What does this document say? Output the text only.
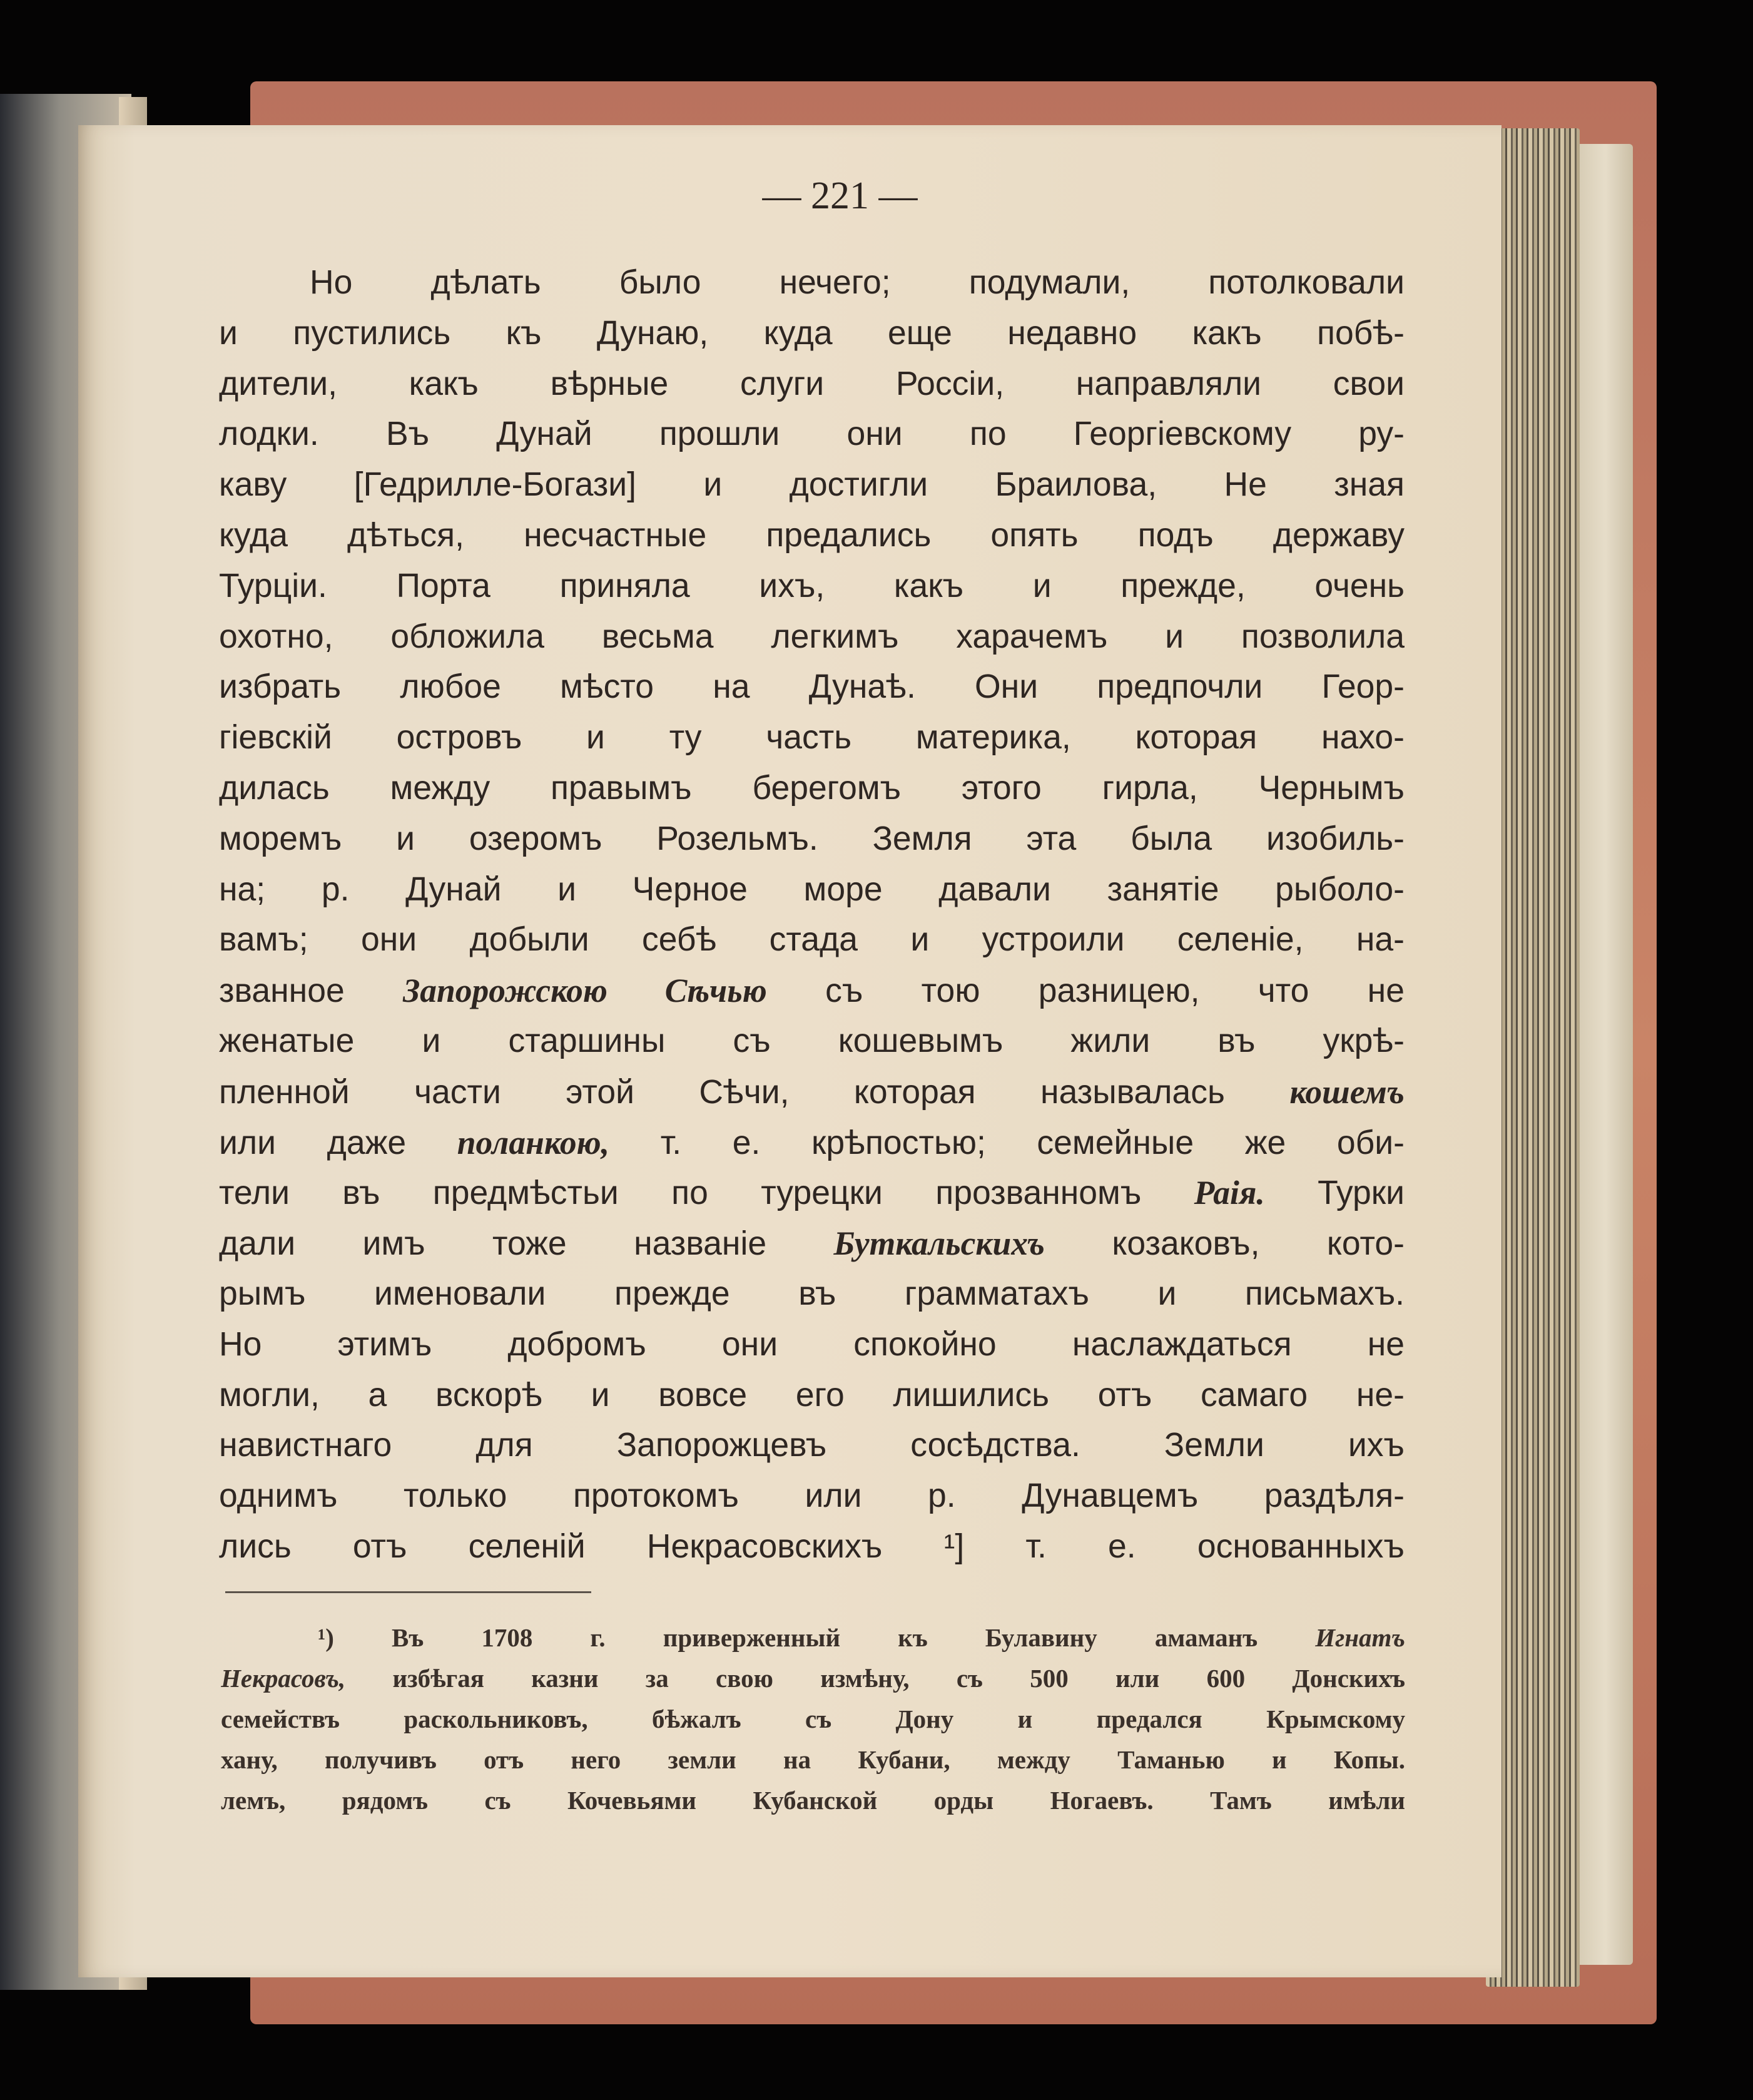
— 221 —
Но дѣлать было нечего; подумали, потолковали
и пустились къ Дунаю, куда еще недавно какъ побѣ-
дители, какъ вѣрные слуги Россіи, направляли свои
лодки. Въ Дунай прошли они по Георгіевскому ру-
каву [Гедрилле-Богази] и достигли Браилова, Не зная
куда дѣться, несчастные предались опять подъ державу
Турціи. Порта приняла ихъ, какъ и прежде, очень
охотно, обложила весьма легкимъ харачемъ и позволила
избрать любое мѣсто на Дунаѣ. Они предпочли Геор-
гіевскій островъ и ту часть материка, которая нахо-
дилась между правымъ берегомъ этого гирла, Чернымъ
моремъ и озеромъ Розельмъ. Земля эта была изобиль-
на; р. Дунай и Черное море давали занятіе рыболо-
вамъ; они добыли себѣ стада и устроили селеніе, на-
званное Запорожскою Сѣчью съ тою разницею, что не
женатые и старшины съ кошевымъ жили въ укрѣ-
пленной части этой Сѣчи, которая называлась кошемъ
или даже поланкою, т. е. крѣпостью; семейные же оби-
тели въ предмѣстьи по турецки прозванномъ Раія. Турки
дали имъ тоже названіе Буткальскихъ козаковъ, кото-
рымъ именовали прежде въ грамматахъ и письмахъ.
Но этимъ добромъ они спокойно наслаждаться не
могли, а вскорѣ и вовсе его лишились отъ самаго не-
навистнаго для Запорожцевъ сосѣдства. Земли ихъ
однимъ только протокомъ или р. Дунавцемъ раздѣля-
лись отъ селеній Некрасовскихъ ¹] т. е. основанныхъ
¹) Въ 1708 г. приверженный къ Булавину амаманъ Игнатъ
Некрасовъ, избѣгая казни за свою измѣну, съ 500 или 600 Донскихъ
семействъ раскольниковъ, бѣжалъ съ Дону и предался Крымскому
хану, получивъ отъ него земли на Кубани, между Таманью и Копы.
лемъ, рядомъ съ Кочевьями Кубанской орды Ногаевъ. Тамъ имѣли
